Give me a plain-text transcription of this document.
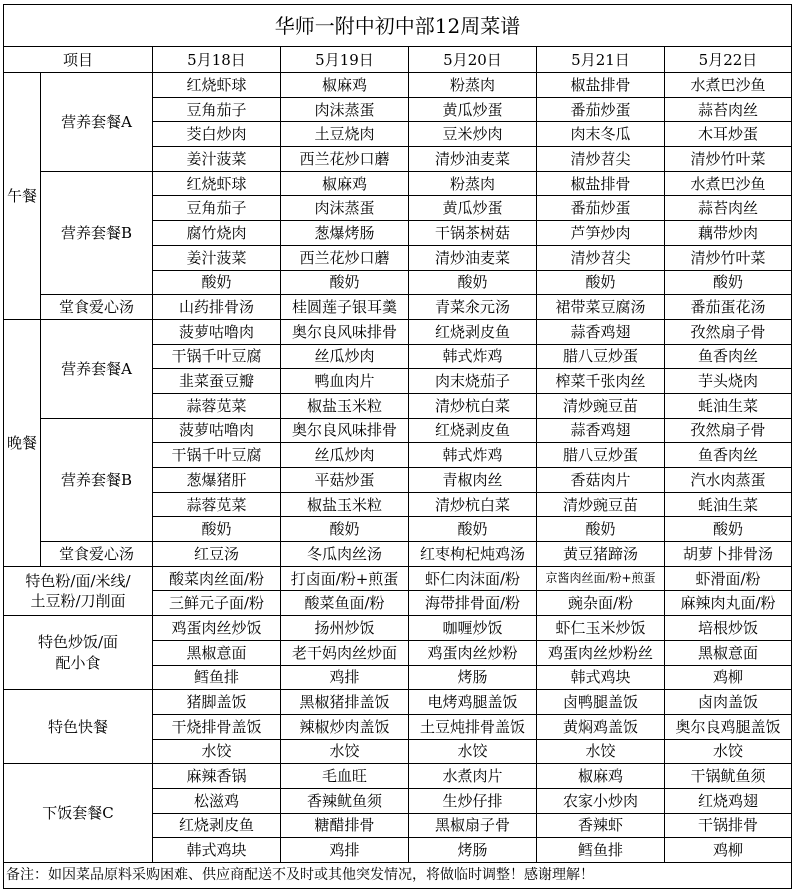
华师一附中初中部12周菜谱
项目	5月18日	5月19日	5月20日	5月21日	5月22日
午餐
营养套餐A
红烧虾球	椒麻鸡	粉蒸肉	椒盐排骨	水煮巴沙鱼
豆角茄子	肉沫蒸蛋	黄瓜炒蛋	番茄炒蛋	蒜苔肉丝
茭白炒肉	土豆烧肉	豆米炒肉	肉末冬瓜	木耳炒蛋
姜汁菠菜	西兰花炒口蘑	清炒油麦菜	清炒苕尖	清炒竹叶菜
营养套餐B
红烧虾球	椒麻鸡	粉蒸肉	椒盐排骨	水煮巴沙鱼
豆角茄子	肉沫蒸蛋	黄瓜炒蛋	番茄炒蛋	蒜苔肉丝
腐竹烧肉	葱爆烤肠	干锅茶树菇	芦笋炒肉	藕带炒肉
姜汁菠菜	西兰花炒口蘑	清炒油麦菜	清炒苕尖	清炒竹叶菜
酸奶	酸奶	酸奶	酸奶	酸奶
堂食爱心汤	山药排骨汤	桂圆莲子银耳羹	青菜氽元汤	裙带菜豆腐汤	番茄蛋花汤
晚餐
营养套餐A
菠萝咕噜肉	奥尔良风味排骨	红烧剥皮鱼	蒜香鸡翅	孜然扇子骨
干锅千叶豆腐	丝瓜炒肉	韩式炸鸡	腊八豆炒蛋	鱼香肉丝
韭菜蚕豆瓣	鸭血肉片	肉末烧茄子	榨菜千张肉丝	芋头烧肉
蒜蓉苋菜	椒盐玉米粒	清炒杭白菜	清炒豌豆苗	蚝油生菜
营养套餐B
菠萝咕噜肉	奥尔良风味排骨	红烧剥皮鱼	蒜香鸡翅	孜然扇子骨
干锅千叶豆腐	丝瓜炒肉	韩式炸鸡	腊八豆炒蛋	鱼香肉丝
葱爆猪肝	平菇炒蛋	青椒肉丝	香菇肉片	汽水肉蒸蛋
蒜蓉苋菜	椒盐玉米粒	清炒杭白菜	清炒豌豆苗	蚝油生菜
酸奶	酸奶	酸奶	酸奶	酸奶
堂食爱心汤	红豆汤	冬瓜肉丝汤	红枣枸杞炖鸡汤	黄豆猪蹄汤	胡萝卜排骨汤
特色粉/面/米线/土豆粉/刀削面
酸菜肉丝面/粉	打卤面/粉+煎蛋	虾仁肉沫面/粉	京酱肉丝面/粉+煎蛋	虾滑面/粉
三鲜元子面/粉	酸菜鱼面/粉	海带排骨面/粉	豌杂面/粉	麻辣肉丸面/粉
特色炒饭/面配小食
鸡蛋肉丝炒饭	扬州炒饭	咖喱炒饭	虾仁玉米炒饭	培根炒饭
黑椒意面	老干妈肉丝炒面	鸡蛋肉丝炒粉	鸡蛋肉丝炒粉丝	黑椒意面
鳕鱼排	鸡排	烤肠	韩式鸡块	鸡柳
特色快餐
猪脚盖饭	黑椒猪排盖饭	电烤鸡腿盖饭	卤鸭腿盖饭	卤肉盖饭
干烧排骨盖饭	辣椒炒肉盖饭	土豆炖排骨盖饭	黄焖鸡盖饭	奥尔良鸡腿盖饭
水饺	水饺	水饺	水饺	水饺
下饭套餐C
麻辣香锅	毛血旺	水煮肉片	椒麻鸡	干锅鱿鱼须
松滋鸡	香辣鱿鱼须	生炒仔排	农家小炒肉	红烧鸡翅
红烧剥皮鱼	糖醋排骨	黑椒扇子骨	香辣虾	干锅排骨
韩式鸡块	鸡排	烤肠	鳕鱼排	鸡柳
备注：如因菜品原料采购困难、供应商配送不及时或其他突发情况，将做临时调整！感谢理解！
